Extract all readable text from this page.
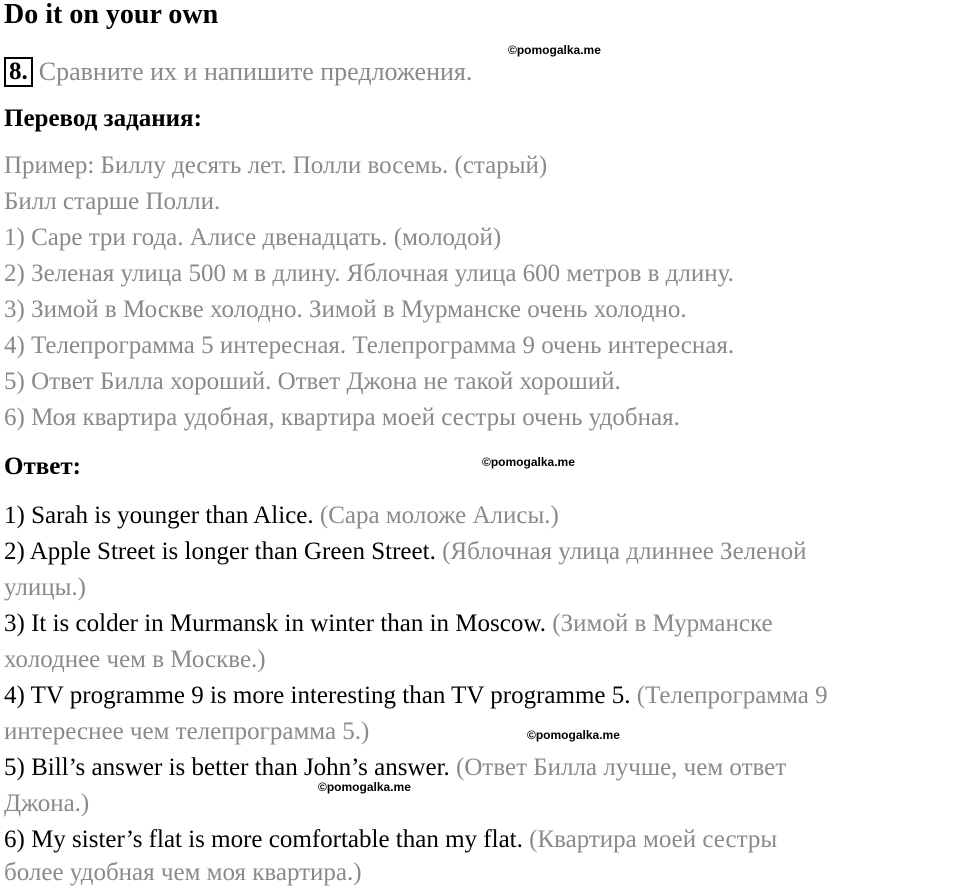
Do it on your own
©pomogalka.me
8. Сравните их и напишите предложения.
Перевод задания:
Пример: Биллу десять лет. Полли восемь. (старый)
Билл старше Полли.
1) Саре три года. Алисе двенадцать. (молодой)
2) Зеленая улица 500 м в длину. Яблочная улица 600 метров в длину.
3) Зимой в Москве холодно. Зимой в Мурманске очень холодно.
4) Телепрограмма 5 интересная. Телепрограмма 9 очень интересная.
5) Ответ Билла хороший. Ответ Джона не такой хороший.
6) Моя квартира удобная, квартира моей сестры очень удобная.
Ответ:	©pomogalka.me
1) Sarah is younger than Alice. (Сара моложе Алисы.)
2) Apple Street is longer than Green Street. (Яблочная улица длиннее Зеленой
улицы.)
3) It is colder in Murmansk in winter than in Moscow. (Зимой в Мурманске
холоднее чем в Москве.)
4) TV programme 9 is more interesting than TV programme 5. (Телепрограмма 9
интереснее чем телепрограмма 5.)	©pomogalka.me
5) Bill’s answer is better than John’s answer. (Ответ Билла лучше, чем ответ
Джона.)
©pomogalka.me
6) My sister’s flat is more comfortable than my flat. (Квартира моей сестры
более удобная чем моя квартира.)
